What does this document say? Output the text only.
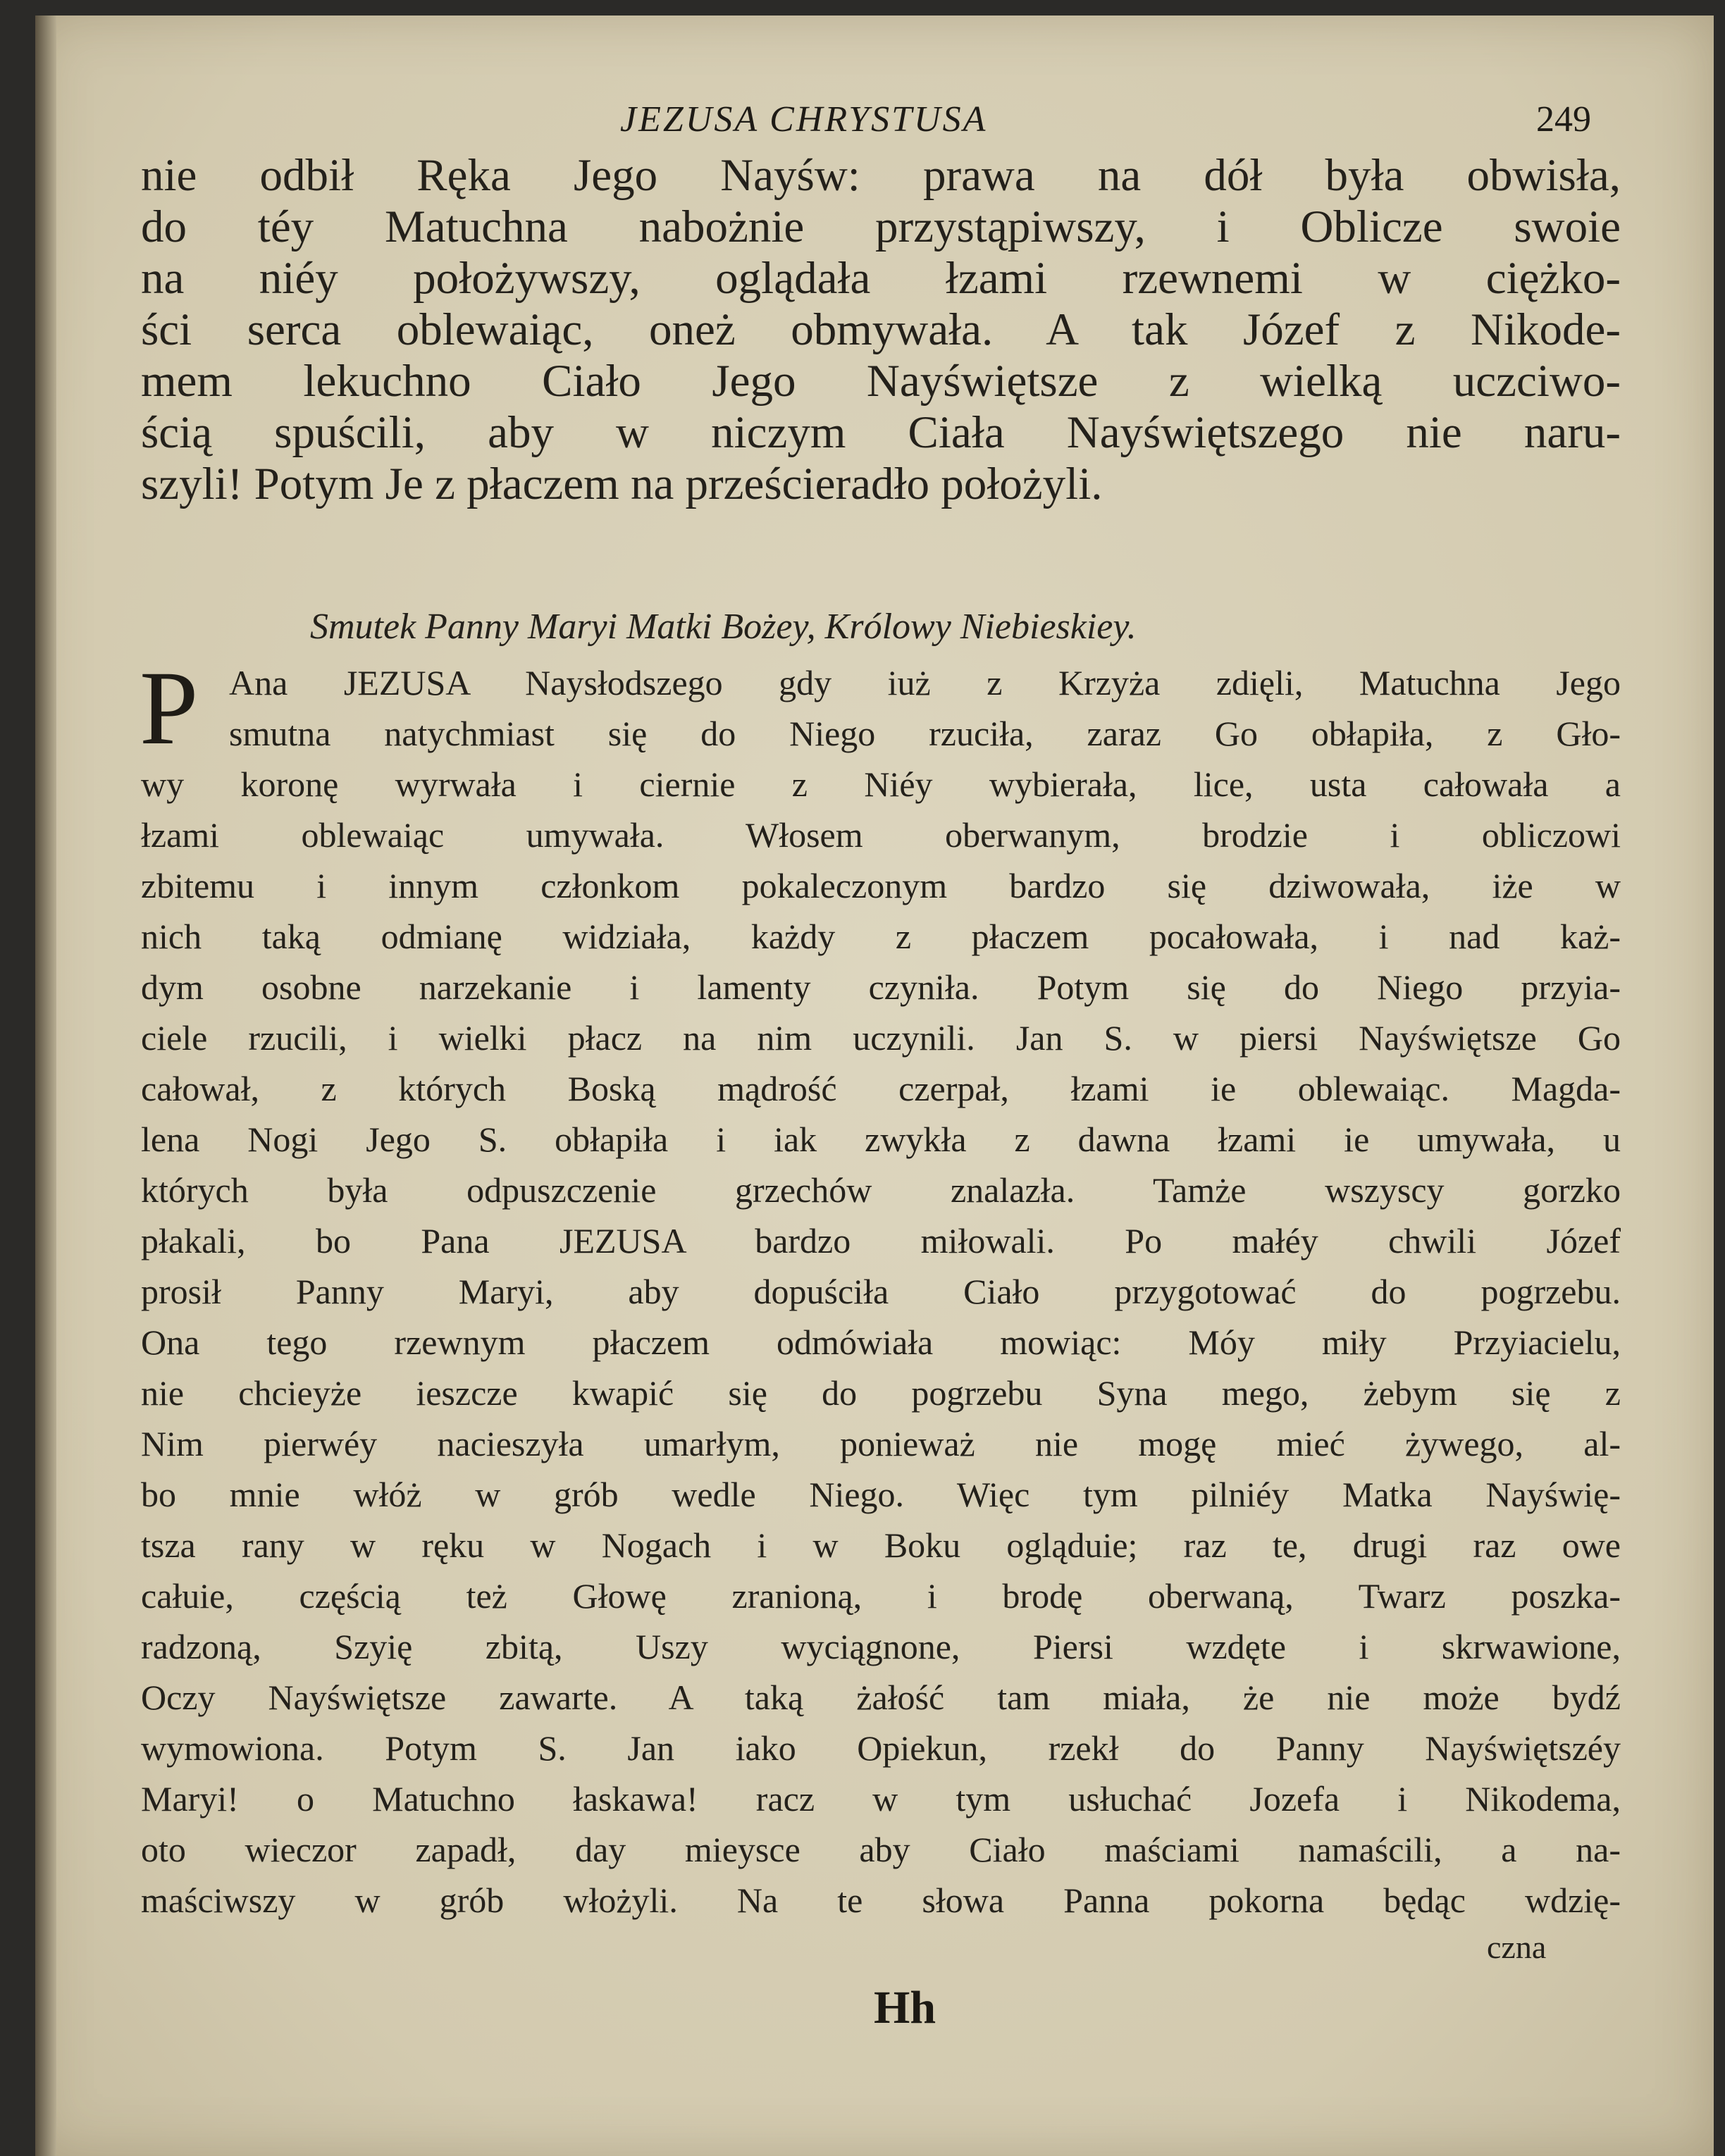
JEZUSA CHRYSTUSA	249
nie odbił Ręka Jego Nayśw: prawa na dół była obwisła,
do téy Matuchna nabożnie przystąpiwszy, i Oblicze swoie
na niéy położywszy, oglądała łzami rzewnemi w ciężko-
ści serca oblewaiąc, oneż obmywała. A tak Józef z Nikode-
mem lekuchno Ciało Jego Nayświętsze z wielką uczciwo-
ścią spuścili, aby w niczym Ciała Nayświętszego nie naru-
szyli! Potym Je z płaczem na prześcieradło położyli.
Smutek Panny Maryi Matki Bożey, Królowy Niebieskiey.
P Ana JEZUSA Naysłodszego gdy iuż z Krzyża zdięli, Matuchna Jego
smutna natychmiast się do Niego rzuciła, zaraz Go obłapiła, z Gło-
wy koronę wyrwała i ciernie z Niéy wybierała, lice, usta całowała a
łzami oblewaiąc umywała. Włosem oberwanym, brodzie i obliczowi
zbitemu i innym członkom pokaleczonym bardzo się dziwowała, iże w
nich taką odmianę widziała, każdy z płaczem pocałowała, i nad każ-
dym osobne narzekanie i lamenty czyniła. Potym się do Niego przyia-
ciele rzucili, i wielki płacz na nim uczynili. Jan S. w piersi Nayświętsze Go
całował, z których Boską mądrość czerpał, łzami ie oblewaiąc. Magda-
lena Nogi Jego S. obłapiła i iak zwykła z dawna łzami ie umywała, u
których była odpuszczenie grzechów znalazła. Tamże wszyscy gorzko
płakali, bo Pana JEZUSA bardzo miłowali. Po małéy chwili Józef
prosił Panny Maryi, aby dopuściła Ciało przygotować do pogrzebu.
Ona tego rzewnym płaczem odmówiała mowiąc: Móy miły Przyiacielu,
nie chcieyże ieszcze kwapić się do pogrzebu Syna mego, żebym się z
Nim pierwéy nacieszyła umarłym, ponieważ nie mogę mieć żywego, al-
bo mnie włóż w grób wedle Niego. Więc tym pilniéy Matka Nayświę-
tsza rany w ręku w Nogach i w Boku ogląduie; raz te, drugi raz owe
całuie, częścią też Głowę zranioną, i brodę oberwaną, Twarz poszka-
radzoną, Szyię zbitą, Uszy wyciągnone, Piersi wzdęte i skrwawione,
Oczy Nayświętsze zawarte. A taką żałość tam miała, że nie może bydź
wymowiona. Potym S. Jan iako Opiekun, rzekł do Panny Nayświętszéy
Maryi! o Matuchno łaskawa! racz w tym usłuchać Jozefa i Nikodema,
oto wieczor zapadł, day mieysce aby Ciało maściami namaścili, a na-
maściwszy w grób włożyli. Na te słowa Panna pokorna będąc wdzię-
czna
Hh
